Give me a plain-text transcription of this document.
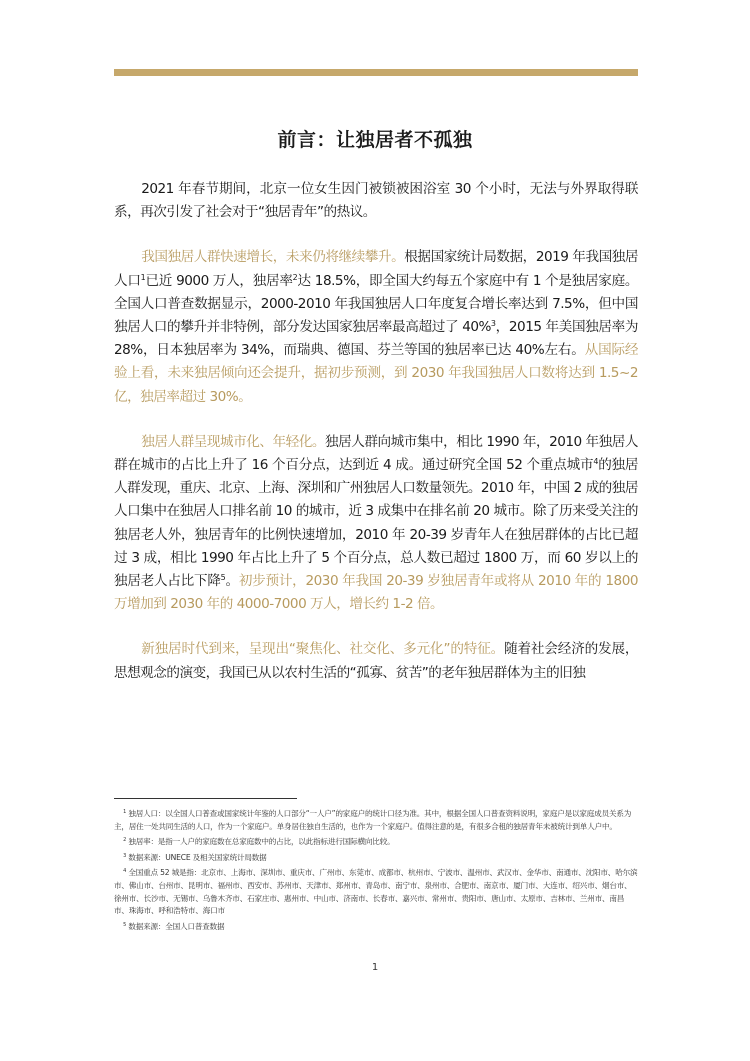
前言：让独居者不孤独

2021 年春节期间，北京一位女生因门被锁被困浴室 30 个小时，无法与外界取得联系，再次引发了社会对于“独居青年”的热议。

我国独居人群快速增长，未来仍将继续攀升。根据国家统计局数据，2019 年我国独居人口$^1$已近 9000 万人，独居率$^2$达 18.5%，即全国大约每五个家庭中有 1 个是独居家庭。全国人口普查数据显示，2000-2010 年我国独居人口年度复合增长率达到 7.5%，但中国独居人口的攀升并非特例，部分发达国家独居率最高超过了 40%$^3$，2015 年美国独居率为 28%，日本独居率为 34%，而瑞典、德国、芬兰等国的独居率已达 40%左右。从国际经验上看，未来独居倾向还会提升，据初步预测，到 2030 年我国独居人口数将达到 1.5~2 亿，独居率超过 30%。

独居人群呈现城市化、年轻化。独居人群向城市集中，相比 1990 年，2010 年独居人群在城市的占比上升了 16 个百分点，达到近 4 成。通过研究全国 52 个重点城市$^4$的独居人群发现，重庆、北京、上海、深圳和广州独居人口数量领先。2010 年，中国 2 成的独居人口集中在独居人口排名前 10 的城市，近 3 成集中在排名前 20 城市。除了历来受关注的独居老人外，独居青年的比例快速增加，2010 年 20-39 岁青年人在独居群体的占比已超过 3 成，相比 1990 年占比上升了 5 个百分点，总人数已超过 1800 万，而 60 岁以上的独居老人占比下降$^5$。初步预计，2030 年我国 20-39 岁独居青年或将从 2010 年的 1800 万增加到 2030 年的 4000-7000 万人，增长约 1-2 倍。

新独居时代到来，呈现出“聚焦化、社交化、多元化”的特征。随着社会经济的发展，思想观念的演变，我国已从以农村生活的“孤寡、贫苦”的老年独居群体为主的旧独

$^1$ 独居人口：以全国人口普查或国家统计年鉴的人口部分“一人户”的家庭户的统计口径为准。其中，根据全国人口普查资料说明，家庭户是以家庭成员关系为主，居住一处共同生活的人口，作为一个家庭户。单身居住独自生活的，也作为一个家庭户。值得注意的是，有很多合租的独居青年未被统计到单人户中。

$^2$ 独居率：是指一人户的家庭数在总家庭数中的占比，以此指标进行国际横向比较。

$^3$ 数据来源：UNECE 及相关国家统计局数据

$^4$ 全国重点 52 城是指：北京市、上海市、深圳市、重庆市、广州市、东莞市、成都市、杭州市、宁波市、温州市、武汉市、金华市、南通市、沈阳市、哈尔滨市、佛山市、台州市、昆明市、福州市、西安市、苏州市、天津市、郑州市、青岛市、南宁市、泉州市、合肥市、南京市、厦门市、大连市、绍兴市、烟台市、徐州市、长沙市、无锡市、乌鲁木齐市、石家庄市、惠州市、中山市、济南市、长春市、嘉兴市、常州市、贵阳市、唐山市、太原市、吉林市、兰州市、南昌市、珠海市、呼和浩特市、海口市

$^5$ 数据来源：全国人口普查数据

1
